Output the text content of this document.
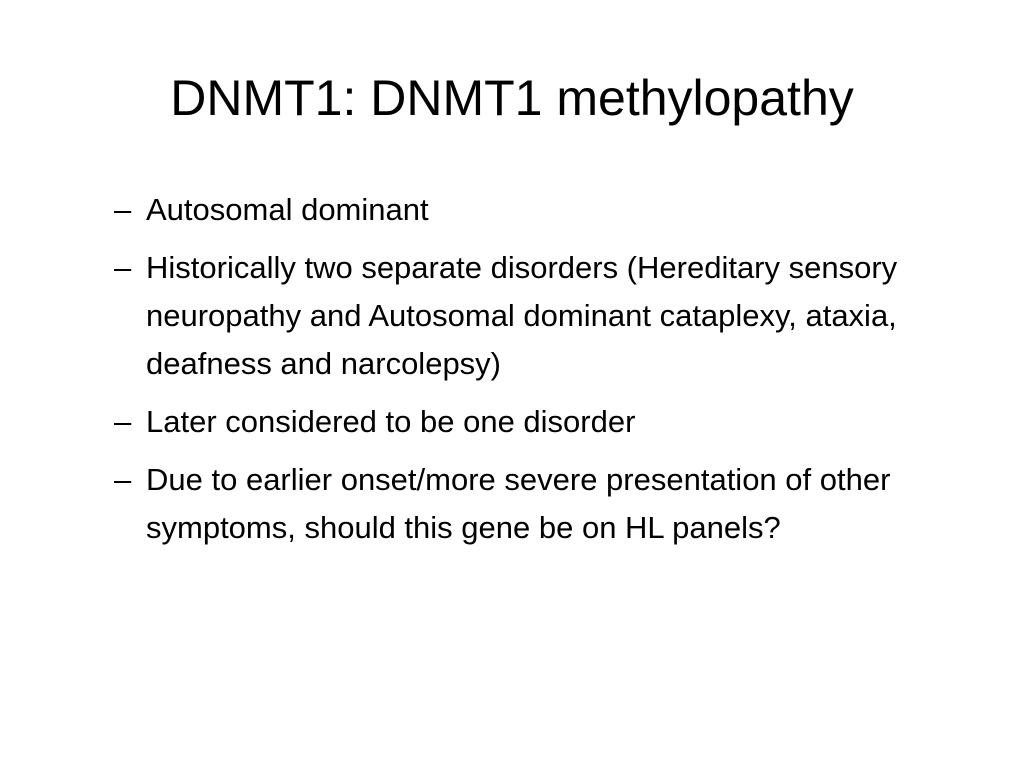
DNMT1: DNMT1 methylopathy
– Autosomal dominant
– Historically two separate disorders (Hereditary sensory neuropathy and Autosomal dominant cataplexy, ataxia, deafness and narcolepsy)
– Later considered to be one disorder
– Due to earlier onset/more severe presentation of other symptoms, should this gene be on HL panels?
